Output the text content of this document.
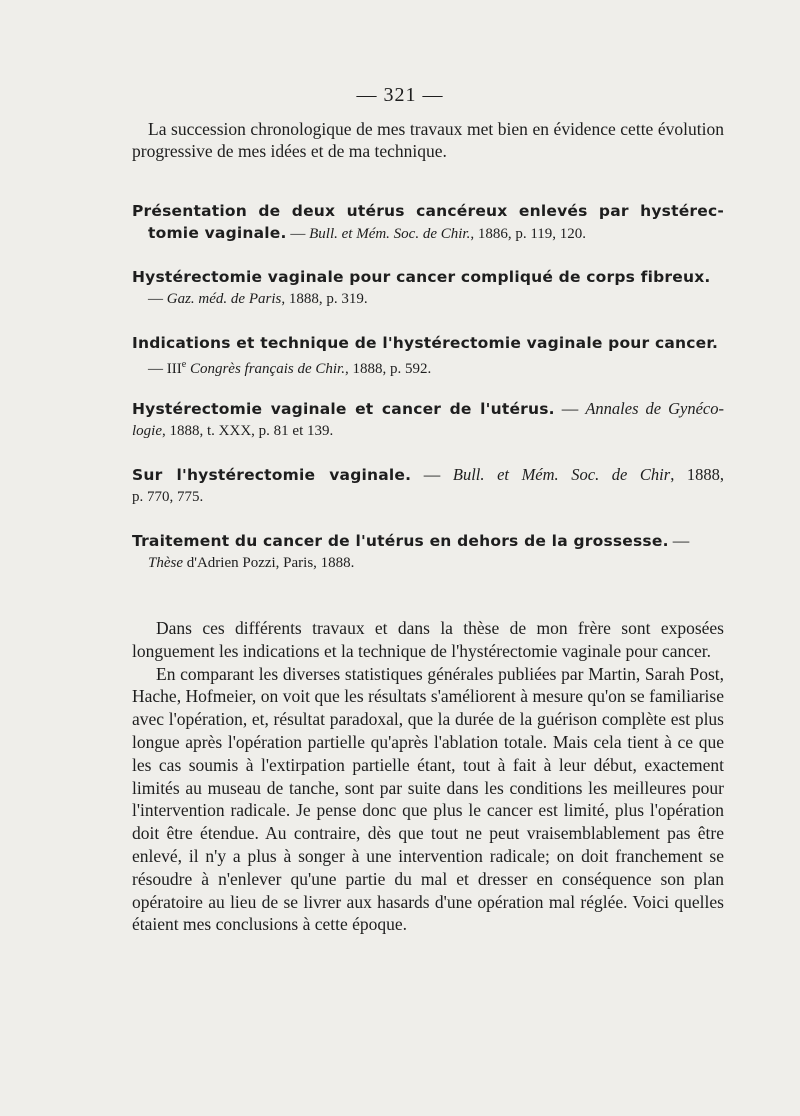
— 321 —
La succession chronologique de mes travaux met bien en évidence cette évolution progressive de mes idées et de ma technique.
Présentation de deux utérus cancéreux enlevés par hystérec-
tomie vaginale. — Bull. et Mém. Soc. de Chir., 1886, p. 119, 120.
Hystérectomie vaginale pour cancer compliqué de corps fibreux.
— Gaz. méd. de Paris, 1888, p. 319.
Indications et technique de l'hystérectomie vaginale pour cancer.
— IIIe Congrès français de Chir., 1888, p. 592.
Hystérectomie vaginale et cancer de l'utérus. — Annales de Gynéco-
logie, 1888, t. XXX, p. 81 et 139.
Sur l'hystérectomie vaginale. — Bull. et Mém. Soc. de Chir, 1888,
p. 770, 775.
Traitement du cancer de l'utérus en dehors de la grossesse. —
Thèse d'Adrien Pozzi, Paris, 1888.

Dans ces différents travaux et dans la thèse de mon frère sont exposées longuement les indications et la technique de l'hystérectomie vaginale pour cancer.

En comparant les diverses statistiques générales publiées par Martin, Sarah Post, Hache, Hofmeier, on voit que les résultats s'améliorent à mesure qu'on se familiarise avec l'opération, et, résultat paradoxal, que la durée de la guérison complète est plus longue après l'opération partielle qu'après l'ablation totale. Mais cela tient à ce que les cas soumis à l'extirpation partielle étant, tout à fait à leur début, exactement limités au museau de tanche, sont par suite dans les conditions les meilleures pour l'intervention radicale. Je pense donc que plus le cancer est limité, plus l'opération doit être étendue. Au contraire, dès que tout ne peut vraisemblablement pas être enlevé, il n'y a plus à songer à une intervention radicale; on doit franchement se résoudre à n'enlever qu'une partie du mal et dresser en conséquence son plan opératoire au lieu de se livrer aux hasards d'une opération mal réglée. Voici quelles étaient mes conclusions à cette époque.
